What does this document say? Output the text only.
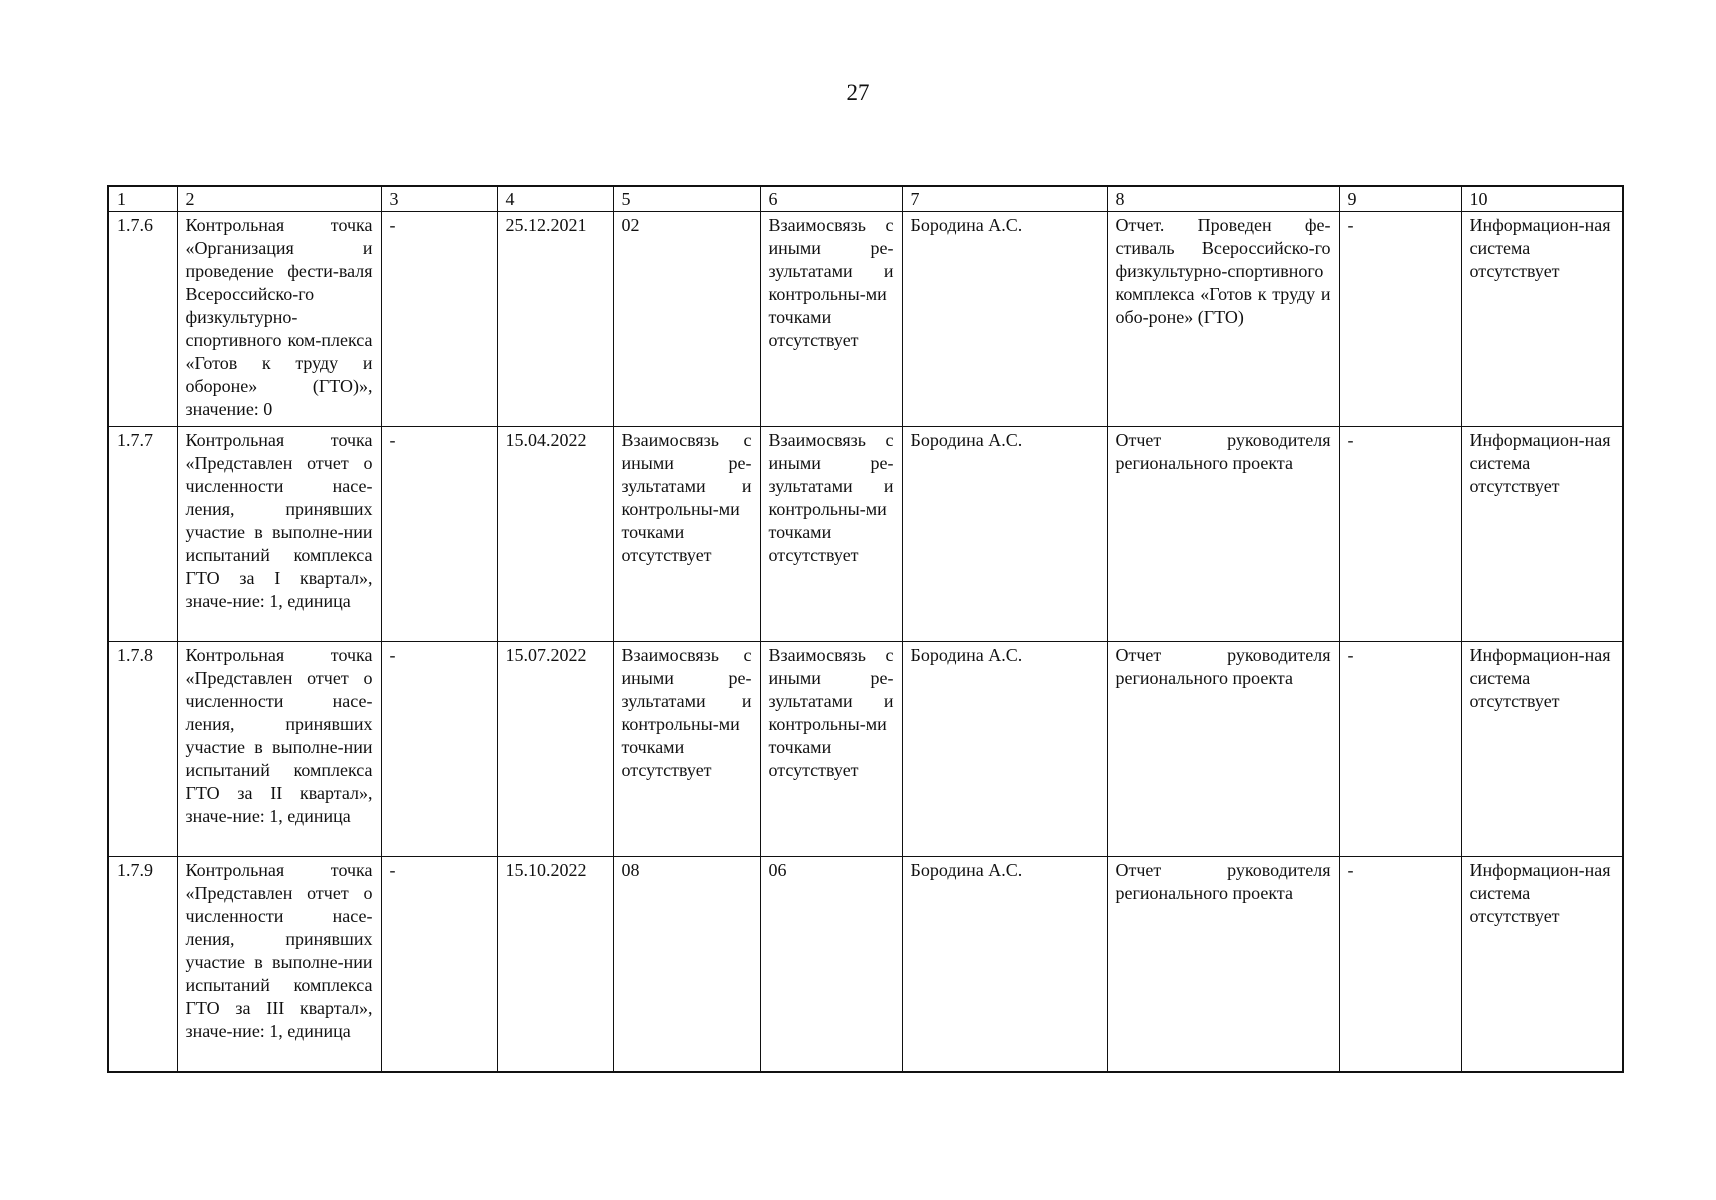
27
1	2	3	4	5	6	7	8	9	10
1.7.6	Контрольная точка «Организация и проведение фести-валя Всероссийско-го физкультурно-спортивного ком-плекса «Готов к труду и обороне» (ГТО)», значение: 0	-	25.12.2021	02	Взаимосвязь с иными ре-зультатами и контрольны-ми точками отсутствует	Бородина А.С.	Отчет. Проведен фе-стиваль Всероссийско-го физкультурно-спортивного комплекса «Готов к труду и обо-роне» (ГТО)	-	Информацион-ная система отсутствует
1.7.7	Контрольная точка «Представлен отчет о численности насе-ления, принявших участие в выполне-нии испытаний комплекса ГТО за I квартал», значе-ние: 1, единица	-	15.04.2022	Взаимосвязь с иными ре-зультатами и контрольны-ми точками отсутствует	Взаимосвязь с иными ре-зультатами и контрольны-ми точками отсутствует	Бородина А.С.	Отчет руководителя регионального проекта	-	Информацион-ная система отсутствует
1.7.8	Контрольная точка «Представлен отчет о численности насе-ления, принявших участие в выполне-нии испытаний комплекса ГТО за II квартал», значе-ние: 1, единица	-	15.07.2022	Взаимосвязь с иными ре-зультатами и контрольны-ми точками отсутствует	Взаимосвязь с иными ре-зультатами и контрольны-ми точками отсутствует	Бородина А.С.	Отчет руководителя регионального проекта	-	Информацион-ная система отсутствует
1.7.9	Контрольная точка «Представлен отчет о численности насе-ления, принявших участие в выполне-нии испытаний комплекса ГТО за III квартал», значе-ние: 1, единица	-	15.10.2022	08	06	Бородина А.С.	Отчет руководителя регионального проекта	-	Информацион-ная система отсутствует
